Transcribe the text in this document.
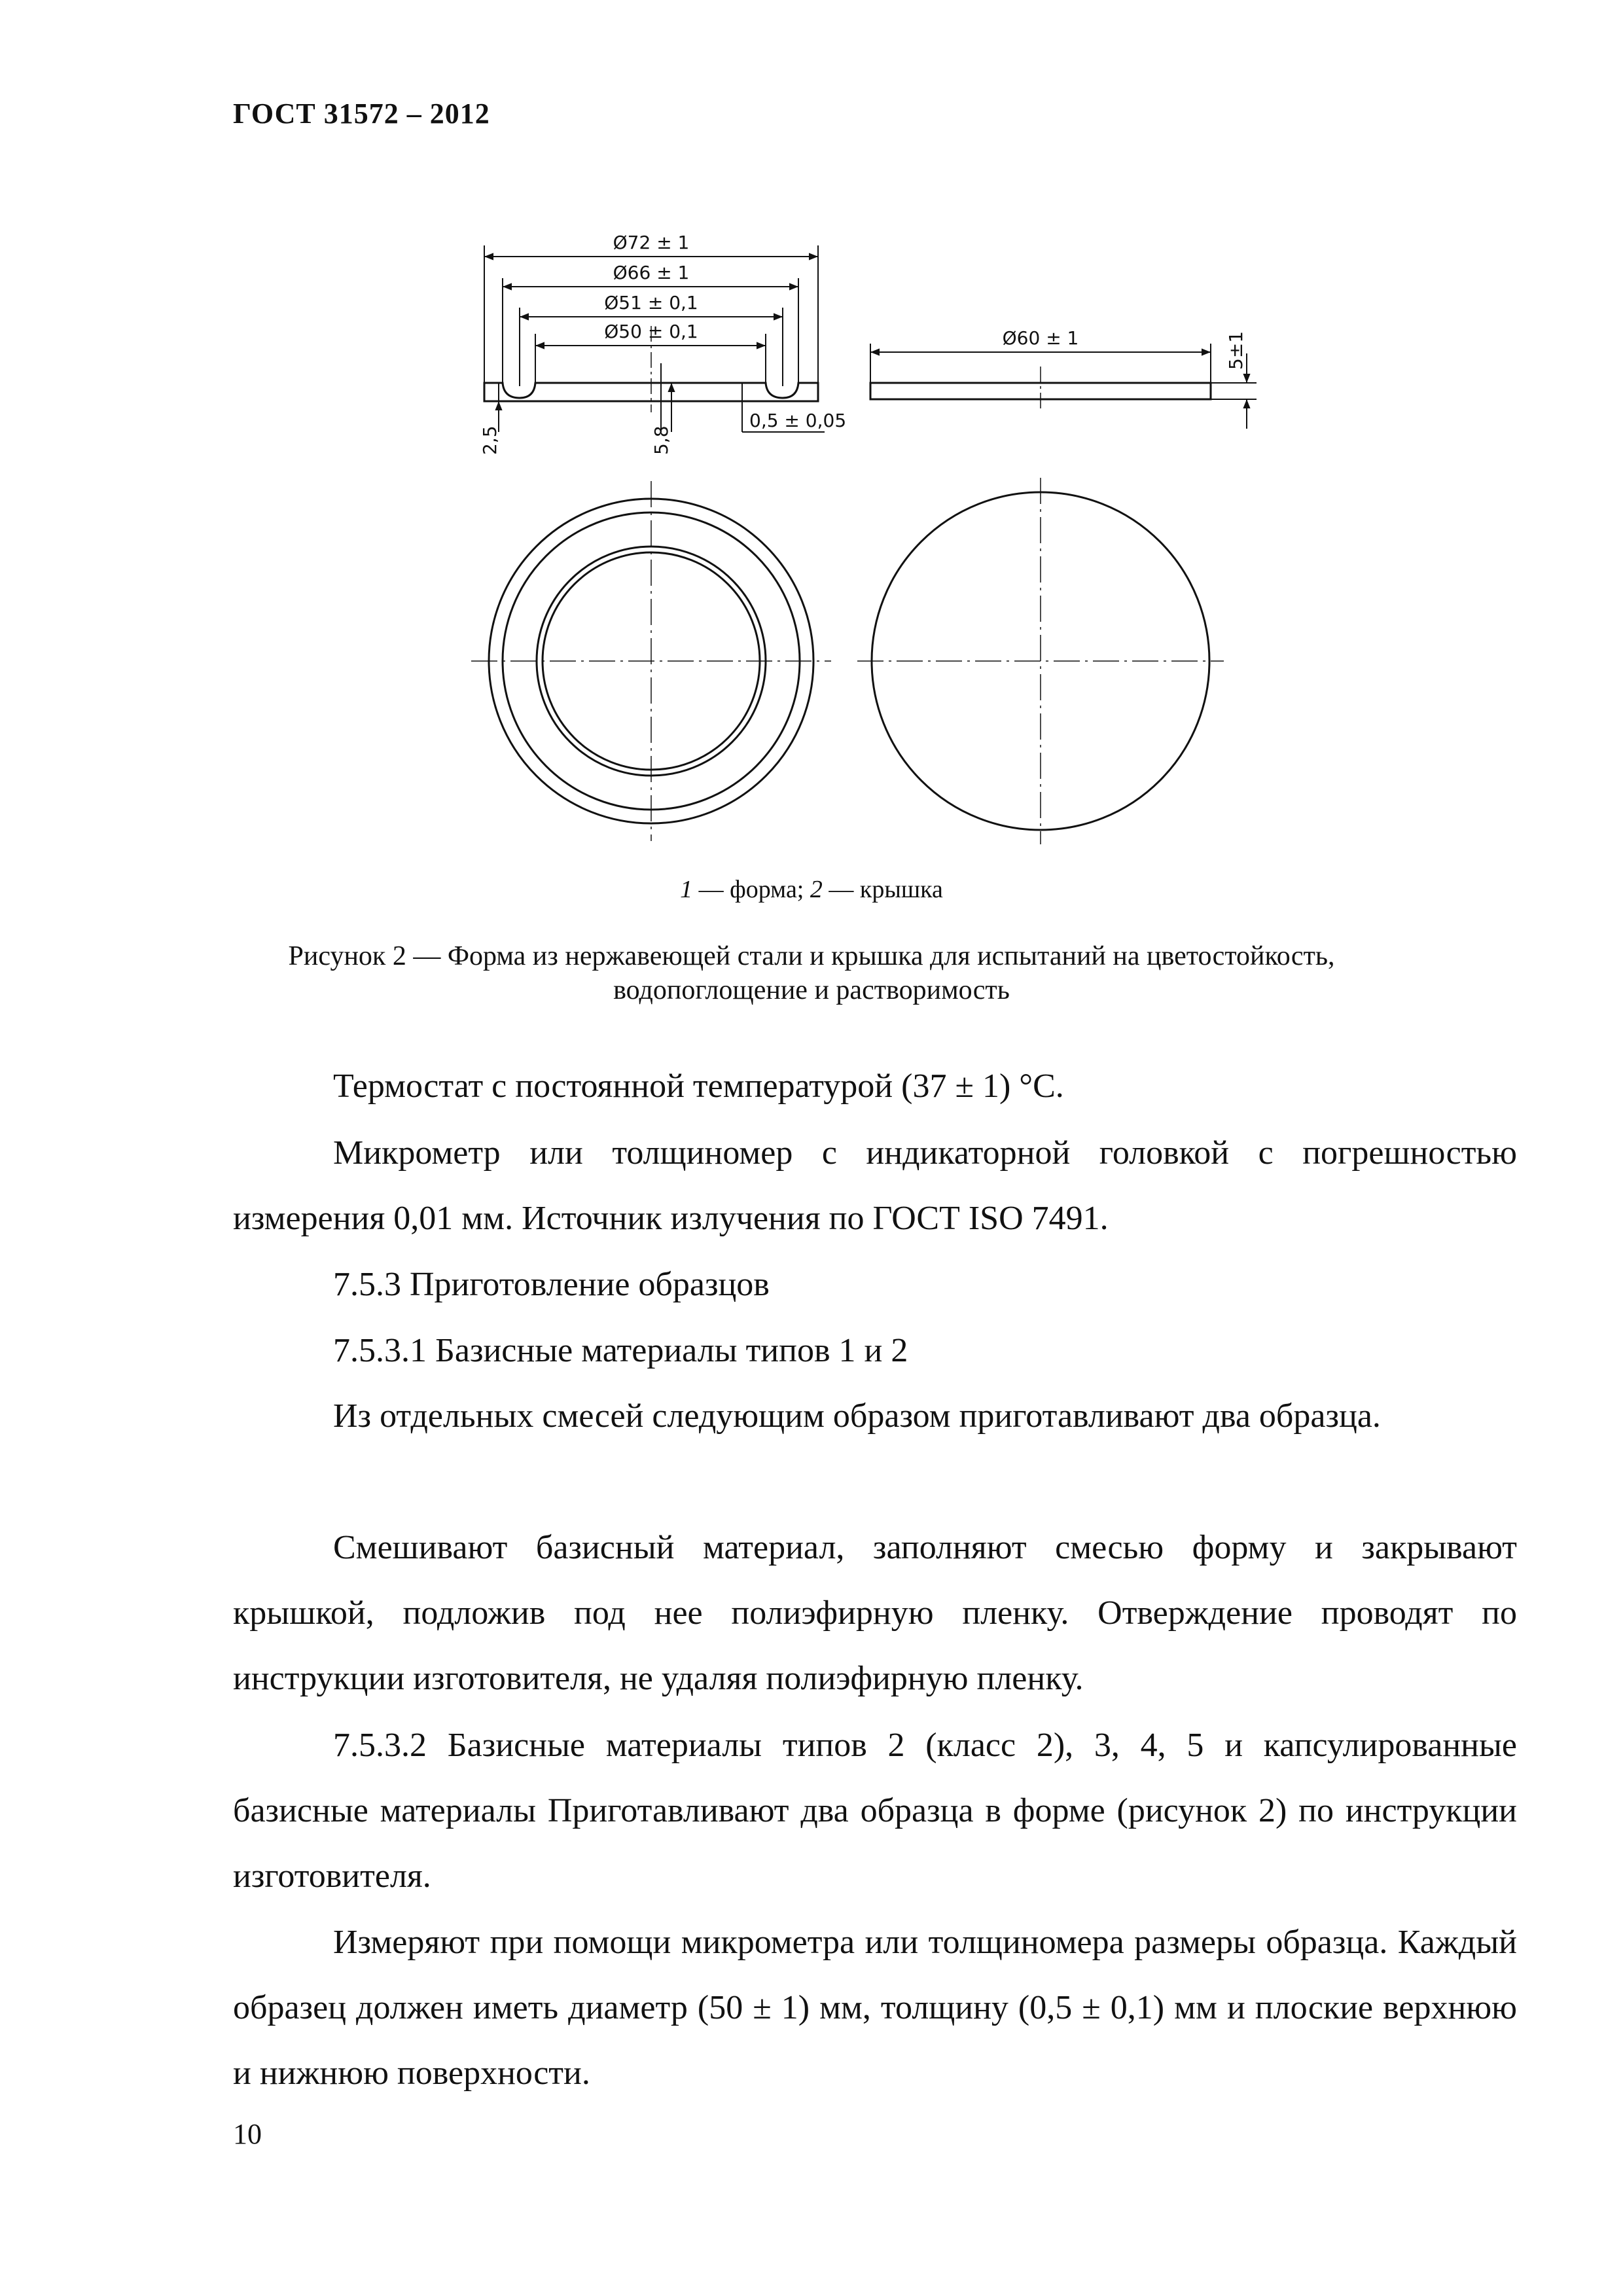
ГОСТ 31572 – 2012
Ø72 ± 1
Ø66 ± 1
Ø51 ± 0,1
Ø50 ± 0,1
2,5	5,8
0,5 ± 0,05
Ø60 ± 1	5±1
1 — форма; 2 — крышка
Рисунок 2 — Форма из нержавеющей стали и крышка для испытаний на цветостойкость,
водопоглощение и растворимость

Термостат с постоянной температурой (37 ± 1) °С.

Микрометр или толщиномер с индикаторной головкой с погрешностью измерения 0,01 мм. Источник излучения по ГОСТ ISO 7491.

7.5.3 Приготовление образцов

7.5.3.1 Базисные материалы типов 1 и 2

Из отдельных смесей следующим образом приготавливают два образца.

Смешивают базисный материал, заполняют смесью форму и закрывают крышкой, подложив под нее полиэфирную пленку. Отверждение проводят по инструкции изготовителя, не удаляя полиэфирную пленку.

7.5.3.2 Базисные материалы типов 2 (класс 2), 3, 4, 5 и капсулированные базисные материалы Приготавливают два образца в форме (рисунок 2) по инструкции изготовителя.

Измеряют при помощи микрометра или толщиномера размеры образца. Каждый образец должен иметь диаметр (50 ± 1) мм, толщину (0,5 ± 0,1) мм и плоские верхнюю и нижнюю поверхности.

10
